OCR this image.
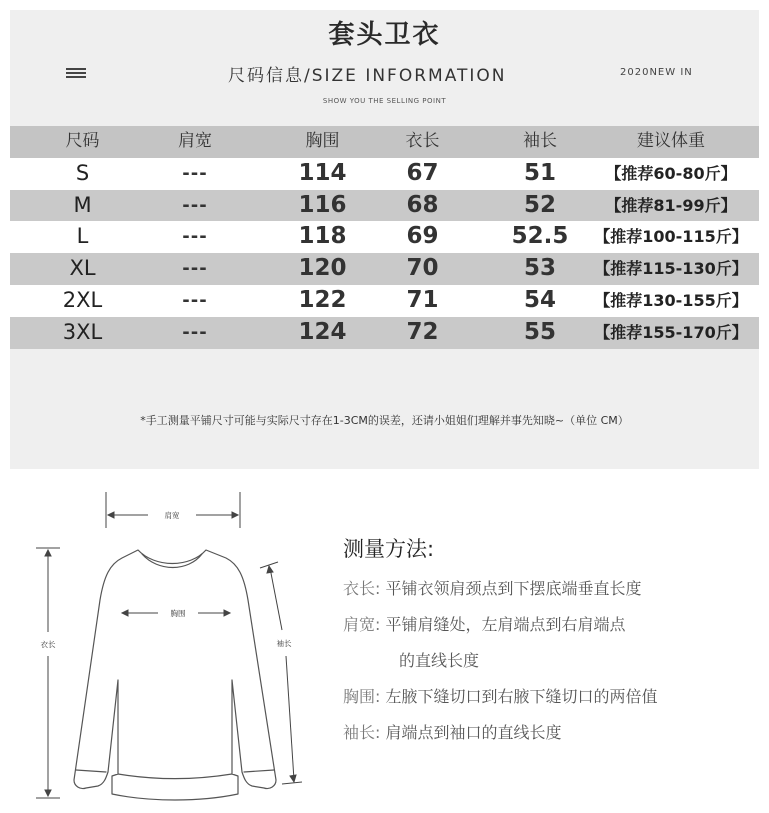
套头卫衣
尺码信息/SIZE INFORMATION	2020NEW IN
SHOW YOU THE SELLING POINT
尺码	肩宽	胸围	衣长	袖长	建议体重
S	---	114	67	51	【推荐60-80斤】
M	---	116	68	52	【推荐81-99斤】
L	---	118	69	52.5	【推荐100-115斤】
XL	---	120	70	53	【推荐115-130斤】
2XL	---	122	71	54	【推荐130-155斤】
3XL	---	124	72	55	【推荐155-170斤】
*手工测量平铺尺寸可能与实际尺寸存在1-3CM的误差，还请小姐姐们理解并事先知晓~（单位 CM）
肩宽
胸围
衣长	袖长
测量方法:
衣长: 平铺衣领肩颈点到下摆底端垂直长度
肩宽: 平铺肩缝处，左肩端点到右肩端点
的直线长度
胸围: 左腋下缝切口到右腋下缝切口的两倍值
袖长: 肩端点到袖口的直线长度
